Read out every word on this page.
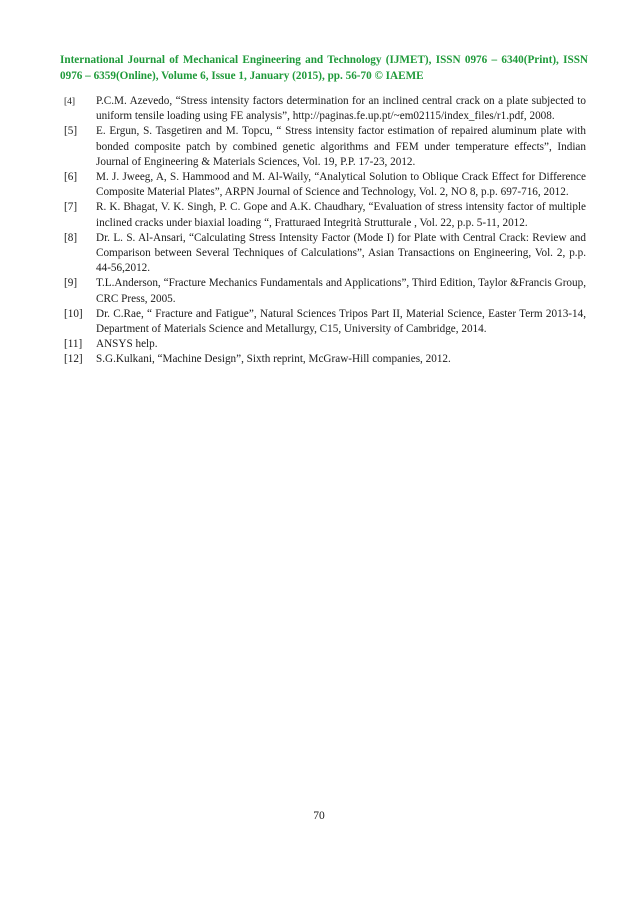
International Journal of Mechanical Engineering and Technology (IJMET), ISSN 0976 – 6340(Print), ISSN 0976 – 6359(Online), Volume 6, Issue 1, January (2015), pp. 56-70 © IAEME
[4]	P.C.M. Azevedo, “Stress intensity factors determination for an inclined central crack on a plate subjected to uniform tensile loading using FE analysis”, http://paginas.fe.up.pt/~em02115/index_files/r1.pdf, 2008.
[5]	E. Ergun, S. Tasgetiren and M. Topcu, “ Stress intensity factor estimation of repaired aluminum plate with bonded composite patch by combined genetic algorithms and FEM under temperature effects”, Indian Journal of Engineering & Materials Sciences, Vol. 19, P.P. 17-23, 2012.
[6]	M. J. Jweeg, A, S. Hammood and M. Al-Waily, “Analytical Solution to Oblique Crack Effect for Difference Composite Material Plates”, ARPN Journal of Science and Technology, Vol. 2, NO 8, p.p. 697-716, 2012.
[7]	R. K. Bhagat, V. K. Singh, P. C. Gope and A.K. Chaudhary, “Evaluation of stress intensity factor of multiple inclined cracks under biaxial loading “, Fratturaed Integrità Strutturale , Vol. 22, p.p. 5-11, 2012.
[8]	Dr. L. S. Al-Ansari, “Calculating Stress Intensity Factor (Mode I) for Plate with Central Crack: Review and Comparison between Several Techniques of Calculations”, Asian Transactions on Engineering, Vol. 2, p.p. 44-56,2012.
[9]	T.L.Anderson, “Fracture Mechanics Fundamentals and Applications”, Third Edition, Taylor &Francis Group, CRC Press, 2005.
[10]	Dr. C.Rae, “ Fracture and Fatigue”, Natural Sciences Tripos Part II, Material Science, Easter Term 2013-14, Department of Materials Science and Metallurgy, C15, University of Cambridge, 2014.
[11]	ANSYS help.
[12]	S.G.Kulkani, “Machine Design”, Sixth reprint, McGraw-Hill companies, 2012.
70
